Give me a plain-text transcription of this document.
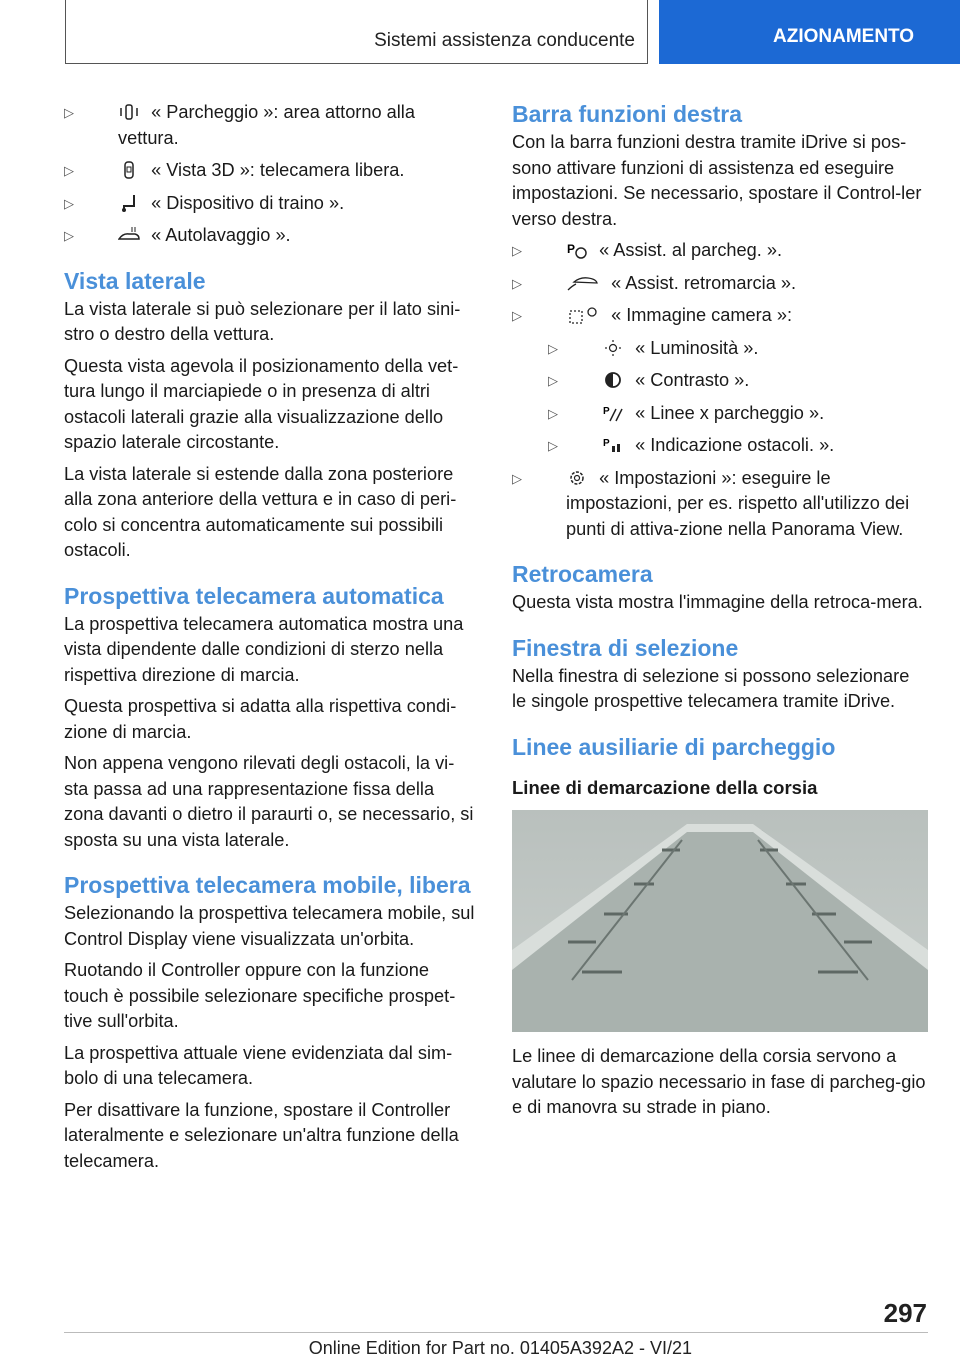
Sistemi assistenza conducente	AZIONAMENTO
▷	« Parcheggio »: area attorno alla vettura.
▷	« Vista 3D »: telecamera libera.
▷	« Dispositivo di traino ».
▷	« Autolavaggio ».
Vista laterale

La vista laterale si può selezionare per il lato sini-stro o destro della vettura.

Questa vista agevola il posizionamento della vet-tura lungo il marciapiede o in presenza di altri ostacoli laterali grazie alla visualizzazione dello spazio laterale circostante.

La vista laterale si estende dalla zona posteriore alla zona anteriore della vettura e in caso di peri-colo si concentra automaticamente sui possibili ostacoli.

Prospettiva telecamera automatica

La prospettiva telecamera automatica mostra una vista dipendente dalle condizioni di sterzo nella rispettiva direzione di marcia.

Questa prospettiva si adatta alla rispettiva condi-zione di marcia.

Non appena vengono rilevati degli ostacoli, la vi-sta passa ad una rappresentazione fissa della zona davanti o dietro il paraurti o, se necessario, si sposta su una vista laterale.

Prospettiva telecamera mobile, libera

Selezionando la prospettiva telecamera mobile, sul Control Display viene visualizzata un'orbita.

Ruotando il Controller oppure con la funzione touch è possibile selezionare specifiche prospet-tive sull'orbita.

La prospettiva attuale viene evidenziata dal sim-bolo di una telecamera.

Per disattivare la funzione, spostare il Controller lateralmente e selezionare un'altra funzione della telecamera.

Barra funzioni destra

Con la barra funzioni destra tramite iDrive si pos-sono attivare funzioni di assistenza ed eseguire impostazioni. Se necessario, spostare il Control-ler verso destra.

▷	P « Assist. al parcheg. ».
▷	« Assist. retromarcia ».
▷	« Immagine camera »:
▷	« Luminosità ».
▷	« Contrasto ».
▷	P « Linee x parcheggio ».
▷	P « Indicazione ostacoli. ».
▷	« Impostazioni »: eseguire le impostazioni, per es. rispetto all'utilizzo dei punti di attiva-zione nella Panorama View.
Retrocamera

Questa vista mostra l'immagine della retroca-mera.

Finestra di selezione

Nella finestra di selezione si possono selezionare le singole prospettive telecamera tramite iDrive.

Linee ausiliarie di parcheggio
Linee di demarcazione della corsia

Le linee di demarcazione della corsia servono a valutare lo spazio necessario in fase di parcheg-gio e di manovra su strade in piano.

297
Online Edition for Part no. 01405A392A2 - VI/21
